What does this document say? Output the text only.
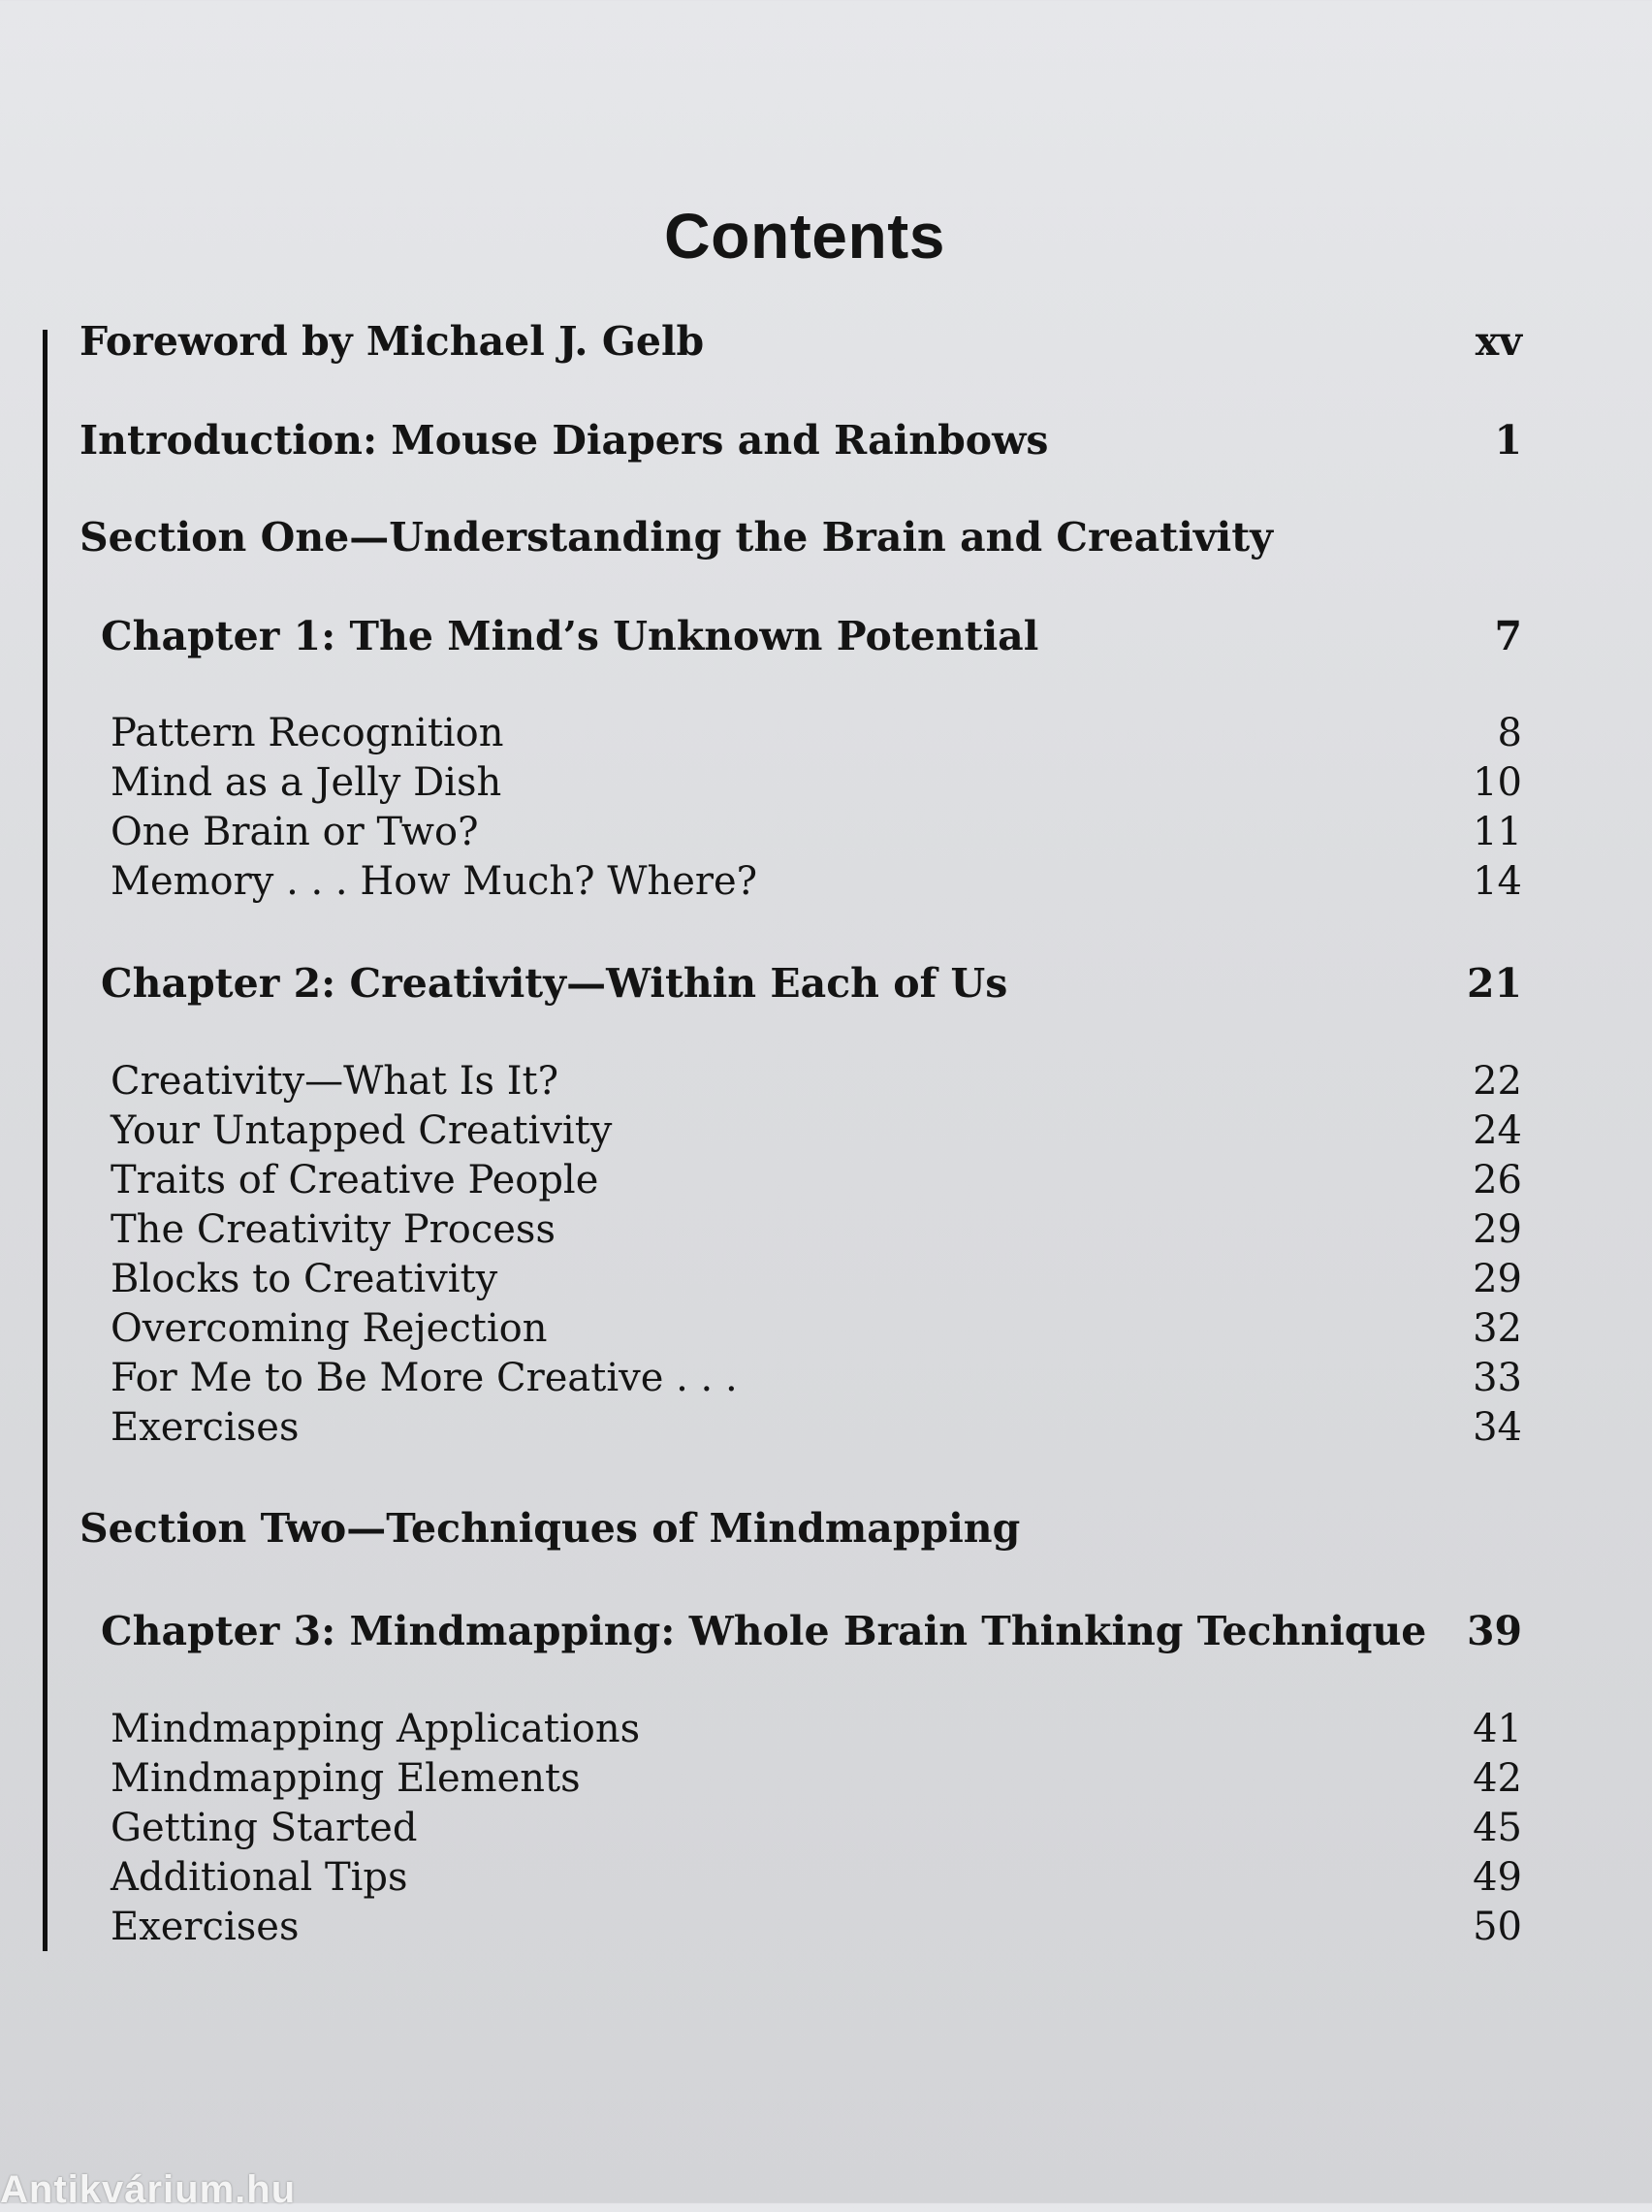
Contents
Foreword by Michael J. Gelb	xv
Introduction: Mouse Diapers and Rainbows	1
Section One—Understanding the Brain and Creativity
Chapter 1: The Mind’s Unknown Potential	7
Pattern Recognition	8
Mind as a Jelly Dish	10
One Brain or Two?	11
Memory . . . How Much? Where?	14
Chapter 2: Creativity—Within Each of Us	21
Creativity—What Is It?	22
Your Untapped Creativity	24
Traits of Creative People	26
The Creativity Process	29
Blocks to Creativity	29
Overcoming Rejection	32
For Me to Be More Creative . . .	33
Exercises	34
Section Two—Techniques of Mindmapping
Chapter 3: Mindmapping: Whole Brain Thinking Technique 39
Mindmapping Applications	41
Mindmapping Elements	42
Getting Started	45
Additional Tips	49
Exercises	50
Antikvárium.hu
